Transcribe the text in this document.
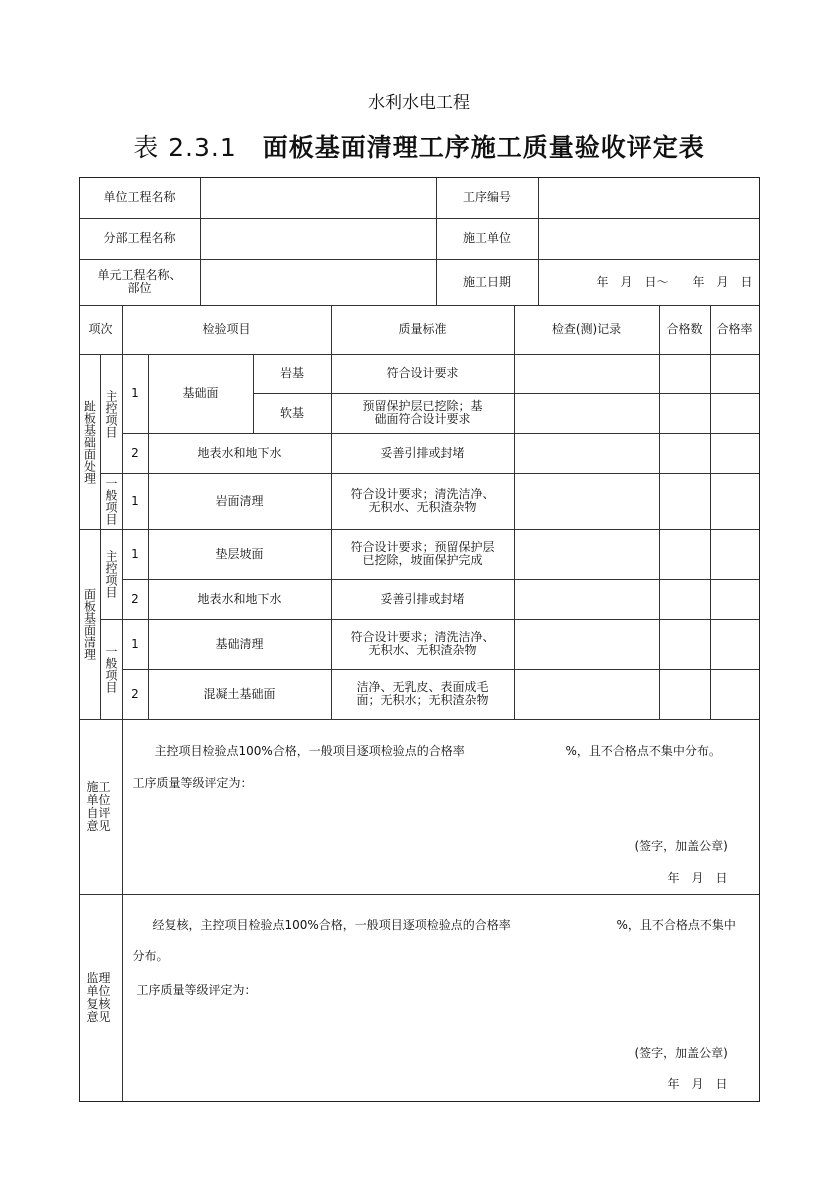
水利水电工程
表 2.3.1 面板基面清理工序施工质量验收评定表
单位工程名称	工序编号
分部工程名称	施工单位
单元工程名称、部位	施工日期	年　月　日～　　年　月　日
项次	检验项目	质量标准	检查(测)记录	合格数	合格率
趾板基础面处理 主控项目
一般项目
1	基础面
岩基	符合设计要求
软基	预留保护层已挖除；基础面符合设计要求
2	地表水和地下水	妥善引排或封堵
1	岩面清理	符合设计要求；清洗洁净、无积水、无积渣杂物
面板基面清理
主控项目
一般项目
1	垫层坡面	符合设计要求；预留保护层已挖除，坡面保护完成
2	地表水和地下水	妥善引排或封堵
1	基础清理	符合设计要求；清洗洁净、无积水、无积渣杂物
2	混凝土基础面	洁净、无乳皮、表面成毛面；无积水；无积渣杂物
施工单位自评意见
主控项目检验点100%合格，一般项目逐项检验点的合格率	%，且不合格点不集中分布。
工序质量等级评定为：
(签字，加盖公章)
年　月　日
监理单位复核意见
经复核，主控项目检验点100%合格，一般项目逐项检验点的合格率	%，且不合格点不集中
分布。
工序质量等级评定为：
(签字，加盖公章)
年　月　日
